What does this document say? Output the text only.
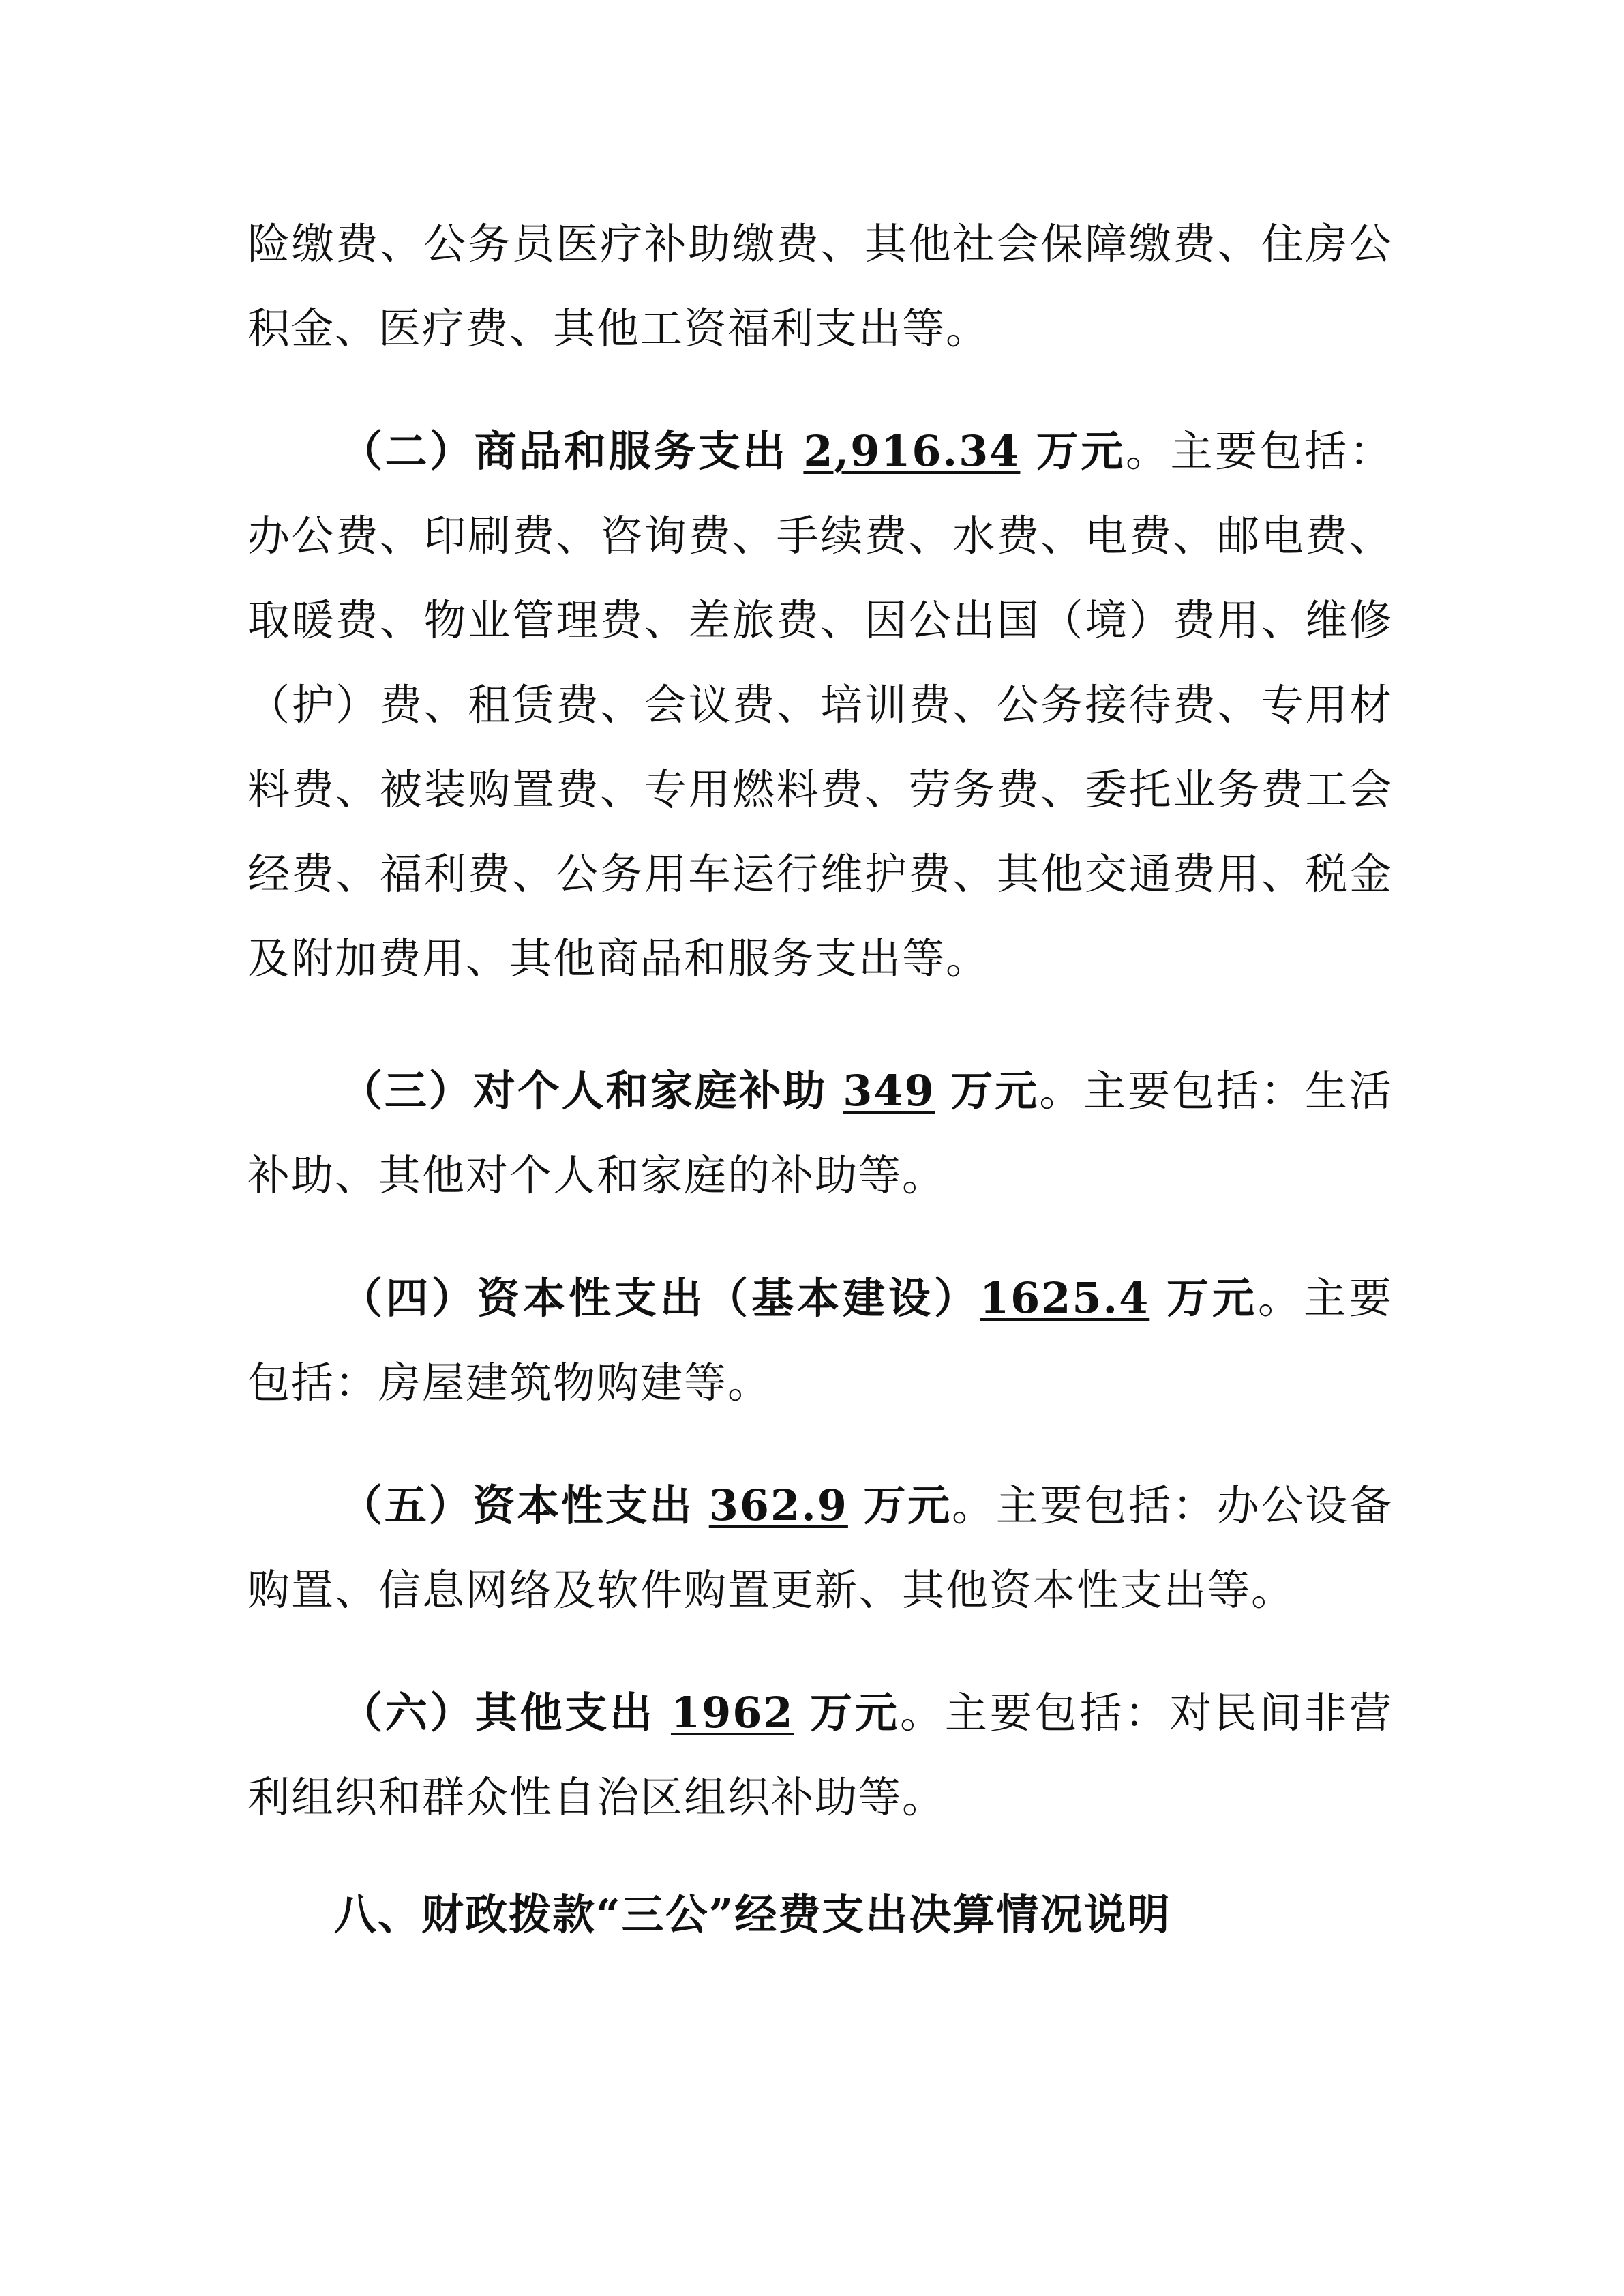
险缴费、公务员医疗补助缴费、其他社会保障缴费、住房公积金、医疗费、其他工资福利支出等。

（二）商品和服务支出 2,916.34 万元。主要包括：办公费、印刷费、咨询费、手续费、水费、电费、邮电费、取暖费、物业管理费、差旅费、因公出国（境）费用、维修（护）费、租赁费、会议费、培训费、公务接待费、专用材料费、被装购置费、专用燃料费、劳务费、委托业务费工会经费、福利费、公务用车运行维护费、其他交通费用、税金及附加费用、其他商品和服务支出等。

（三）对个人和家庭补助 349 万元。主要包括：生活补助、其他对个人和家庭的补助等。

（四）资本性支出（基本建设）1625.4 万元。主要包括：房屋建筑物购建等。

（五）资本性支出 362.9 万元。主要包括：办公设备购置、信息网络及软件购置更新、其他资本性支出等。

（六）其他支出 1962 万元。主要包括：对民间非营利组织和群众性自治区组织补助等。

八、财政拨款“三公”经费支出决算情况说明
